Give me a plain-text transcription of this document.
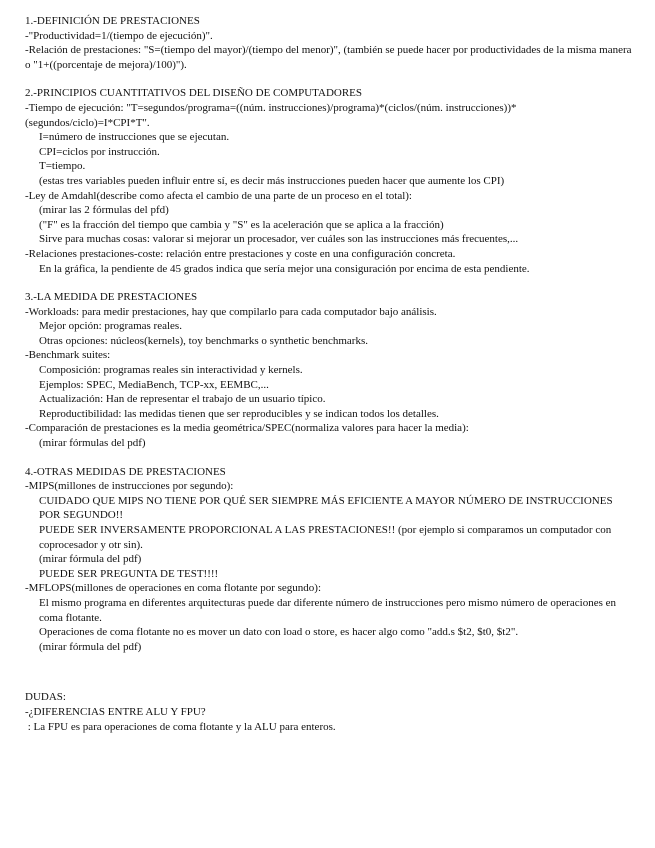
1.-DEFINICIÓN DE PRESTACIONES
-"Productividad=1/(tiempo de ejecución)".
-Relación de prestaciones: "S=(tiempo del mayor)/(tiempo del menor)", (también se puede hacer por productividades de la misma manera o "1+((porcentaje de mejora)/100)").
2.-PRINCIPIOS CUANTITATIVOS DEL DISEÑO DE COMPUTADORES
-Tiempo de ejecución: "T=segundos/programa=((núm. instrucciones)/programa)*(ciclos/(núm. instrucciones))*(segundos/ciclo)=I*CPI*T".
I=número de instrucciones que se ejecutan.
CPI=ciclos por instrucción.
T=tiempo.
(estas tres variables pueden influir entre sí, es decir más instrucciones pueden hacer que aumente los CPI)
-Ley de Amdahl(describe como afecta el cambio de una parte de un proceso en el total):
(mirar las 2 fórmulas del pfd)
("F" es la fracción del tiempo que cambia y "S" es la aceleración que se aplica a la fracción)
Sirve para muchas cosas: valorar si mejorar un procesador, ver cuáles son las instrucciones más frecuentes,...
-Relaciones prestaciones-coste: relación entre prestaciones y coste en una configuración concreta.
En la gráfica, la pendiente de 45 grados indica que sería mejor una consiguración por encima de esta pendiente.
3.-LA MEDIDA DE PRESTACIONES
-Workloads: para medir prestaciones, hay que compilarlo para cada computador bajo análisis.
Mejor opción: programas reales.
Otras opciones: núcleos(kernels), toy benchmarks o synthetic benchmarks.
-Benchmark suites:
Composición: programas reales sin interactividad y kernels.
Ejemplos: SPEC, MediaBench, TCP-xx, EEMBC,...
Actualización: Han de representar el trabajo de un usuario típico.
Reproductibilidad: las medidas tienen que ser reproducibles y se indican todos los detalles.
-Comparación de prestaciones es la media geométrica/SPEC(normaliza valores para hacer la media):
(mirar fórmulas del pdf)
4.-OTRAS MEDIDAS DE PRESTACIONES
-MIPS(millones de instrucciones por segundo):
CUIDADO QUE MIPS NO TIENE POR QUÉ SER SIEMPRE MÁS EFICIENTE A MAYOR NÚMERO DE INSTRUCCIONES POR SEGUNDO!!
PUEDE SER INVERSAMENTE PROPORCIONAL A LAS PRESTACIONES!! (por ejemplo si comparamos un computador con coprocesador y otr sin).
(mirar fórmula del pdf)
PUEDE SER PREGUNTA DE TEST!!!!
-MFLOPS(millones de operaciones en coma flotante por segundo):
El mismo programa en diferentes arquitecturas puede dar diferente número de instrucciones pero mismo número de operaciones en coma flotante.
Operaciones de coma flotante no es mover un dato con load o store, es hacer algo como "add.s $t2, $t0, $t2".
(mirar fórmula del pdf)
DUDAS:
-¿DIFERENCIAS ENTRE ALU Y FPU?
: La FPU es para operaciones de coma flotante y la ALU para enteros.
